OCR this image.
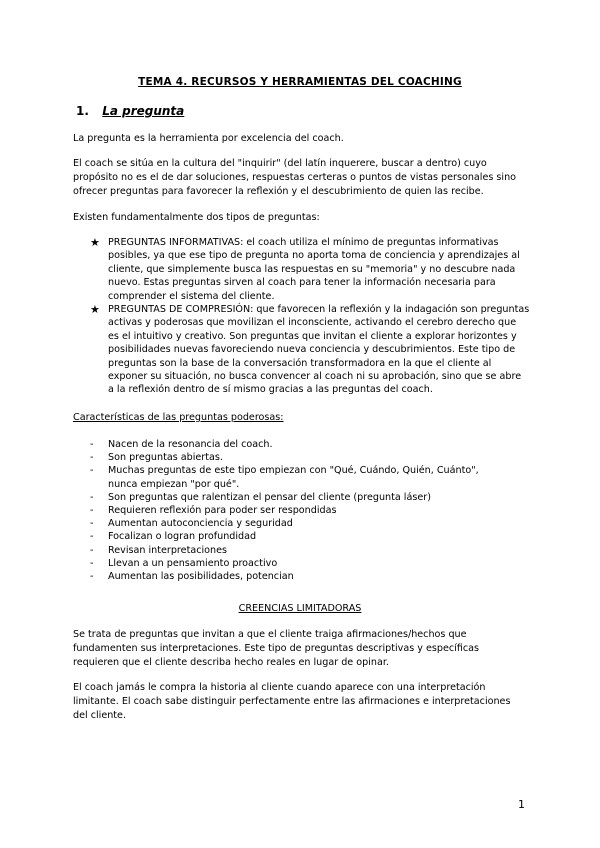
TEMA 4. RECURSOS Y HERRAMIENTAS DEL COACHING
1. La pregunta
La pregunta es la herramienta por excelencia del coach.
El coach se sitúa en la cultura del "inquirir" (del latín inquerere, buscar a dentro) cuyo propósito no es el de dar soluciones, respuestas certeras o puntos de vistas personales sino ofrecer preguntas para favorecer la reflexión y el descubrimiento de quien las recibe.
Existen fundamentalmente dos tipos de preguntas:
★ PREGUNTAS INFORMATIVAS: el coach utiliza el mínimo de preguntas informativas posibles, ya que ese tipo de pregunta no aporta toma de conciencia y aprendizajes al cliente, que simplemente busca las respuestas en su "memoria" y no descubre nada nuevo. Estas preguntas sirven al coach para tener la información necesaria para comprender el sistema del cliente.
★ PREGUNTAS DE COMPRESIÓN: que favorecen la reflexión y la indagación son preguntas activas y poderosas que movilizan el inconsciente, activando el cerebro derecho que es el intuitivo y creativo. Son preguntas que invitan el cliente a explorar horizontes y posibilidades nuevas favoreciendo nueva conciencia y descubrimientos. Este tipo de preguntas son la base de la conversación transformadora en la que el cliente al exponer su situación, no busca convencer al coach ni su aprobación, sino que se abre a la reflexión dentro de sí mismo gracias a las preguntas del coach.
Características de las preguntas poderosas:
- Nacen de la resonancia del coach.
- Son preguntas abiertas.
- Muchas preguntas de este tipo empiezan con "Qué, Cuándo, Quién, Cuánto", nunca empiezan "por qué".
- Son preguntas que ralentizan el pensar del cliente (pregunta láser)
- Requieren reflexión para poder ser respondidas
- Aumentan autoconciencia y seguridad
- Focalizan o logran profundidad
- Revisan interpretaciones
- Llevan a un pensamiento proactivo
- Aumentan las posibilidades, potencian
CREENCIAS LIMITADORAS
Se trata de preguntas que invitan a que el cliente traiga afirmaciones/hechos que fundamenten sus interpretaciones. Este tipo de preguntas descriptivas y específicas requieren que el cliente describa hecho reales en lugar de opinar.
El coach jamás le compra la historia al cliente cuando aparece con una interpretación limitante. El coach sabe distinguir perfectamente entre las afirmaciones e interpretaciones del cliente.
1
